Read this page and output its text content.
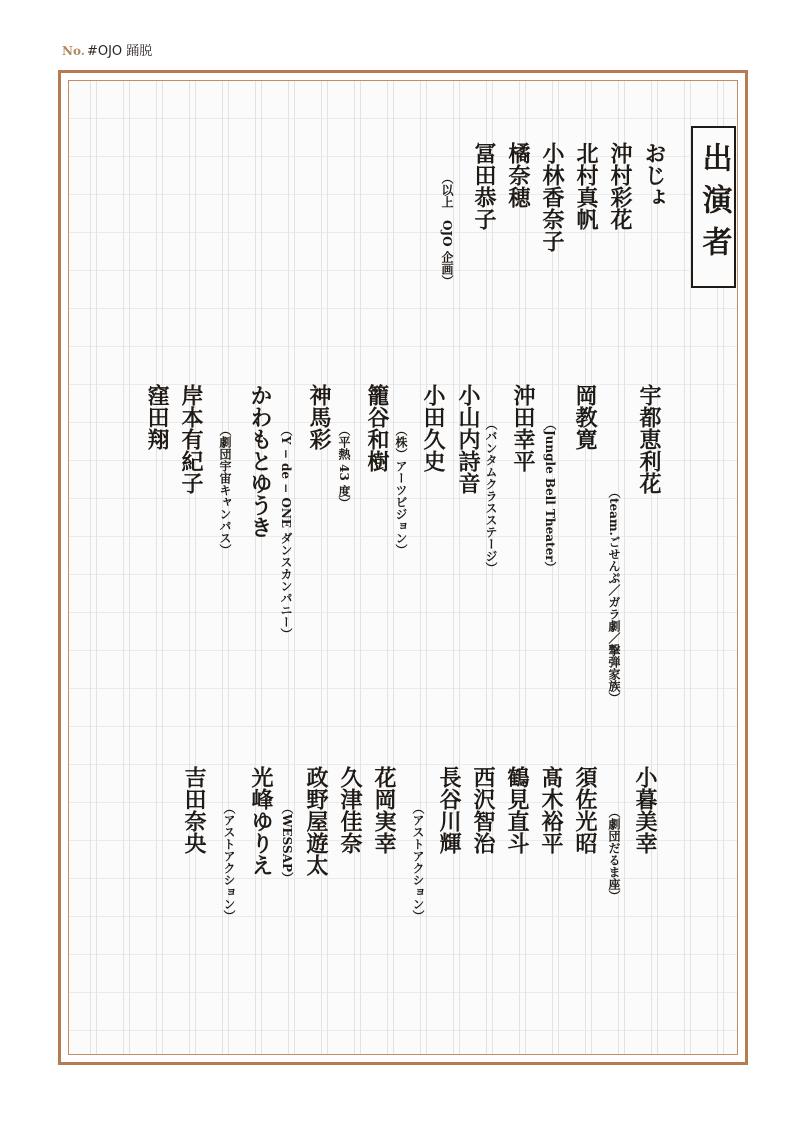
No. #OJO 踊脱
出演者
おじょ
沖村彩花
北村真帆
小林香奈子
橘奈穂
冨田恭子
（以上　OJO 企画）
宇都恵利花
（team.ごせんぷ／ガラ劇／撃弾家族）
岡教寛
（Jungle Bell Theater）
沖田幸平
（バンタムクラスステージ）
小山内詩音
小田久史
（株）アーツビジョン）
籠谷和樹
（平熱 43 度）
神馬彩
（Y − de − ONE ダンスカンパニー）
かわもとゆうき
（劇団宇宙キャンパス）
岸本有紀子
窪田翔
小暮美幸
（劇団だるま座）
須佐光昭
髙木裕平
鶴見直斗
西沢智治
長谷川輝
（アストアクション）
花岡実幸
久津佳奈
政野屋遊太
（WESSAP）
光峰ゆりえ
（アストアクション）
吉田奈央
